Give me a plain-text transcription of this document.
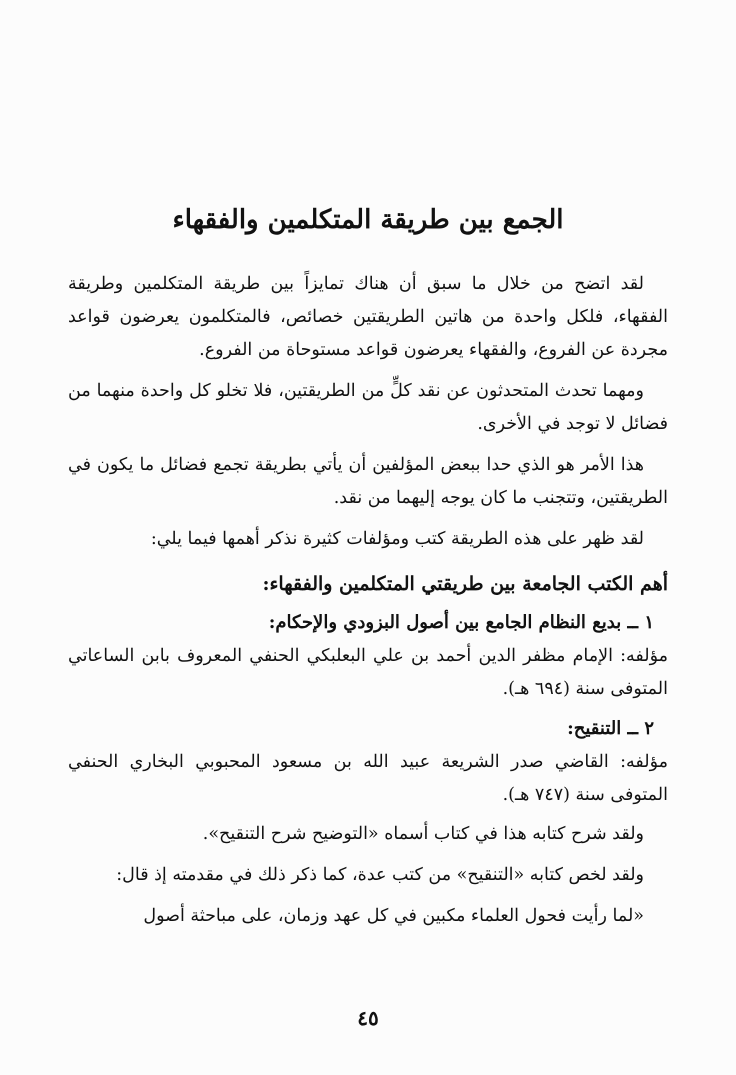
الجمع بين طريقة المتكلمين والفقهاء

لقد اتضح من خلال ما سبق أن هناك تمايزاً بين طريقة المتكلمين وطريقة الفقهاء، فلكل واحدة من هاتين الطريقتين خصائص، فالمتكلمون يعرضون قواعد مجردة عن الفروع، والفقهاء يعرضون قواعد مستوحاة من الفروع.

ومهما تحدث المتحدثون عن نقد كلٍّ من الطريقتين، فلا تخلو كل واحدة منهما من فضائل لا توجد في الأخرى.

هذا الأمر هو الذي حدا ببعض المؤلفين أن يأتي بطريقة تجمع فضائل ما يكون في الطريقتين، وتتجنب ما كان يوجه إليهما من نقد.

لقد ظهر على هذه الطريقة كتب ومؤلفات كثيرة نذكر أهمها فيما يلي:

أهم الكتب الجامعة بين طريقتي المتكلمين والفقهاء:
١ ــ بديع النظام الجامع بين أصول البزودي والإحكام:

مؤلفه: الإمام مظفر الدين أحمد بن علي البعلبكي الحنفي المعروف بابن الساعاتي المتوفى سنة (٦٩٤ هـ).

٢ ــ التنقيح:

مؤلفه: القاضي صدر الشريعة عبيد الله بن مسعود المحبوبي البخاري الحنفي المتوفى سنة (٧٤٧ هـ).

ولقد شرح كتابه هذا في كتاب أسماه «التوضيح شرح التنقيح».

ولقد لخص كتابه «التنقيح» من كتب عدة، كما ذكر ذلك في مقدمته إذ قال:

«لما رأيت فحول العلماء مكبين في كل عهد وزمان، على مباحثة أصول

٤٥
